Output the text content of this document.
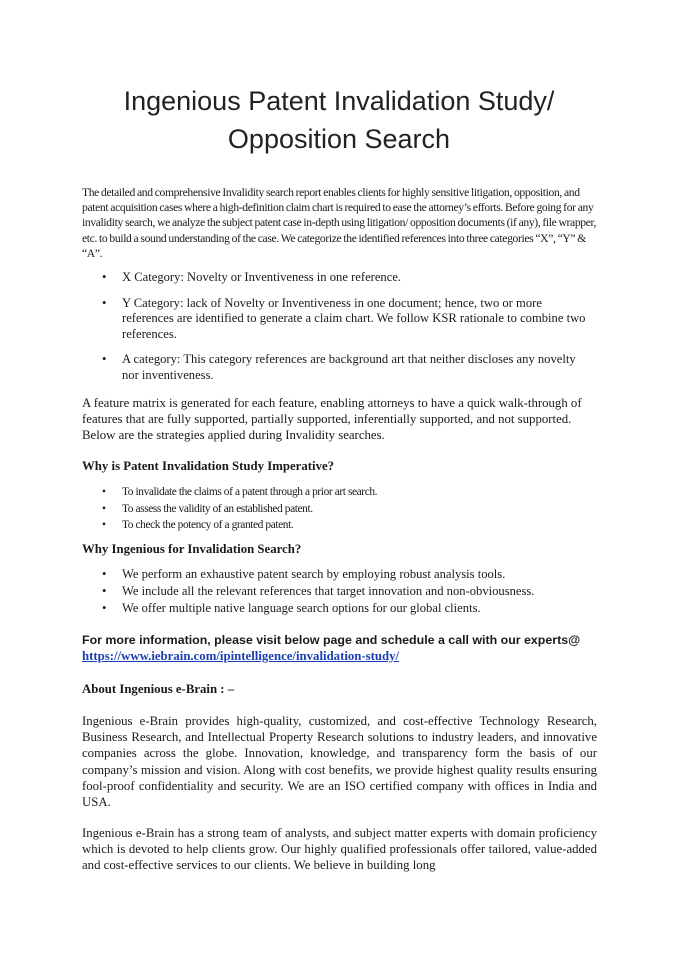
Ingenious Patent Invalidation Study/
Opposition Search

The detailed and comprehensive Invalidity search report enables clients for highly sensitive litigation, opposition, and patent acquisition cases where a high-definition claim chart is required to ease the attorney’s efforts. Before going for any invalidity search, we analyze the subject patent case in-depth using litigation/ opposition documents (if any), file wrapper, etc. to build a sound understanding of the case. We categorize the identified references into three categories “X”, “Y” & “A”.

• X Category: Novelty or Inventiveness in one reference.
• Y Category: lack of Novelty or Inventiveness in one document; hence, two or more references are identified to generate a claim chart. We follow KSR rationale to combine two references.
• A category: This category references are background art that neither discloses any novelty nor inventiveness.

A feature matrix is generated for each feature, enabling attorneys to have a quick walk-through of features that are fully supported, partially supported, inferentially supported, and not supported. Below are the strategies applied during Invalidity searches.

Why is Patent Invalidation Study Imperative?
• To invalidate the claims of a patent through a prior art search.
• To assess the validity of an established patent.
• To check the potency of a granted patent.
Why Ingenious for Invalidation Search?
• We perform an exhaustive patent search by employing robust analysis tools.
• We include all the relevant references that target innovation and non-obviousness.
• We offer multiple native language search options for our global clients.

For more information, please visit below page and schedule a call with our experts@
https://www.iebrain.com/ipintelligence/invalidation-study/

About Ingenious e-Brain : –

Ingenious e-Brain provides high-quality, customized, and cost-effective Technology Research, Business Research, and Intellectual Property Research solutions to industry leaders, and innovative companies across the globe. Innovation, knowledge, and transparency form the basis of our company’s mission and vision. Along with cost benefits, we provide highest quality results ensuring fool-proof confidentiality and security. We are an ISO certified company with offices in India and USA.

Ingenious e-Brain has a strong team of analysts, and subject matter experts with domain proficiency which is devoted to help clients grow. Our highly qualified professionals offer tailored, value-added and cost-effective services to our clients. We believe in building long
